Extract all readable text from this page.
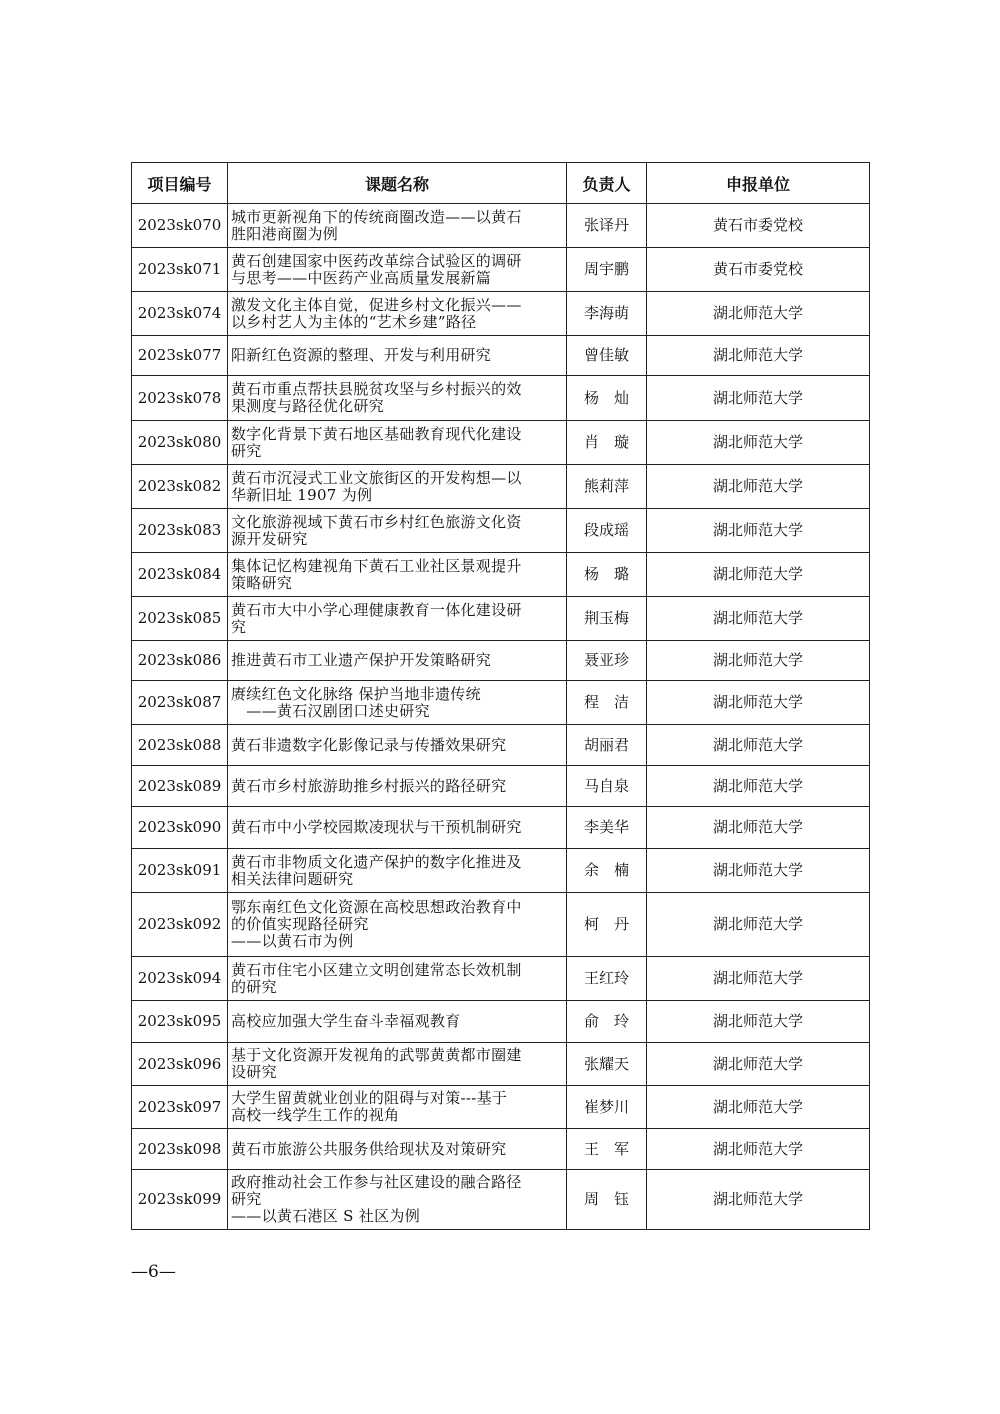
项目编号	课题名称	负责人	申报单位
2023sk070	城市更新视角下的传统商圈改造——以黄石
胜阳港商圈为例	张译丹	黄石市委党校
2023sk071	黄石创建国家中医药改革综合试验区的调研
与思考——中医药产业高质量发展新篇	周宇鹏	黄石市委党校
2023sk074	激发文化主体自觉，促进乡村文化振兴——
以乡村艺人为主体的“艺术乡建”路径	李海萌	湖北师范大学
2023sk077	阳新红色资源的整理、开发与利用研究	曾佳敏	湖北师范大学
2023sk078	黄石市重点帮扶县脱贫攻坚与乡村振兴的效
果测度与路径优化研究	杨　灿	湖北师范大学
2023sk080	数字化背景下黄石地区基础教育现代化建设
研究	肖　璇	湖北师范大学
2023sk082	黄石市沉浸式工业文旅街区的开发构想—以
华新旧址 1907 为例	熊莉萍	湖北师范大学
2023sk083	文化旅游视域下黄石市乡村红色旅游文化资
源开发研究	段成瑶	湖北师范大学
2023sk084	集体记忆构建视角下黄石工业社区景观提升
策略研究	杨　璐	湖北师范大学
2023sk085	黄石市大中小学心理健康教育一体化建设研
究	荆玉梅	湖北师范大学
2023sk086	推进黄石市工业遗产保护开发策略研究	聂亚珍	湖北师范大学
2023sk087	赓续红色文化脉络 保护当地非遗传统
　——黄石汉剧团口述史研究	程　洁	湖北师范大学
2023sk088	黄石非遗数字化影像记录与传播效果研究	胡丽君	湖北师范大学
2023sk089	黄石市乡村旅游助推乡村振兴的路径研究	马自泉	湖北师范大学
2023sk090	黄石市中小学校园欺凌现状与干预机制研究	李美华	湖北师范大学
2023sk091	黄石市非物质文化遗产保护的数字化推进及
相关法律问题研究	余　楠	湖北师范大学
2023sk092	鄂东南红色文化资源在高校思想政治教育中
的价值实现路径研究
——以黄石市为例	柯　丹	湖北师范大学
2023sk094	黄石市住宅小区建立文明创建常态长效机制
的研究	王红玲	湖北师范大学
2023sk095	高校应加强大学生奋斗幸福观教育	俞　玲	湖北师范大学
2023sk096	基于文化资源开发视角的武鄂黄黄都市圈建
设研究	张耀天	湖北师范大学
2023sk097	大学生留黄就业创业的阻碍与对策---基于
高校一线学生工作的视角	崔梦川	湖北师范大学
2023sk098	黄石市旅游公共服务供给现状及对策研究	王　军	湖北师范大学
2023sk099	政府推动社会工作参与社区建设的融合路径
研究
——以黄石港区 S 社区为例	周　钰	湖北师范大学
—6—
